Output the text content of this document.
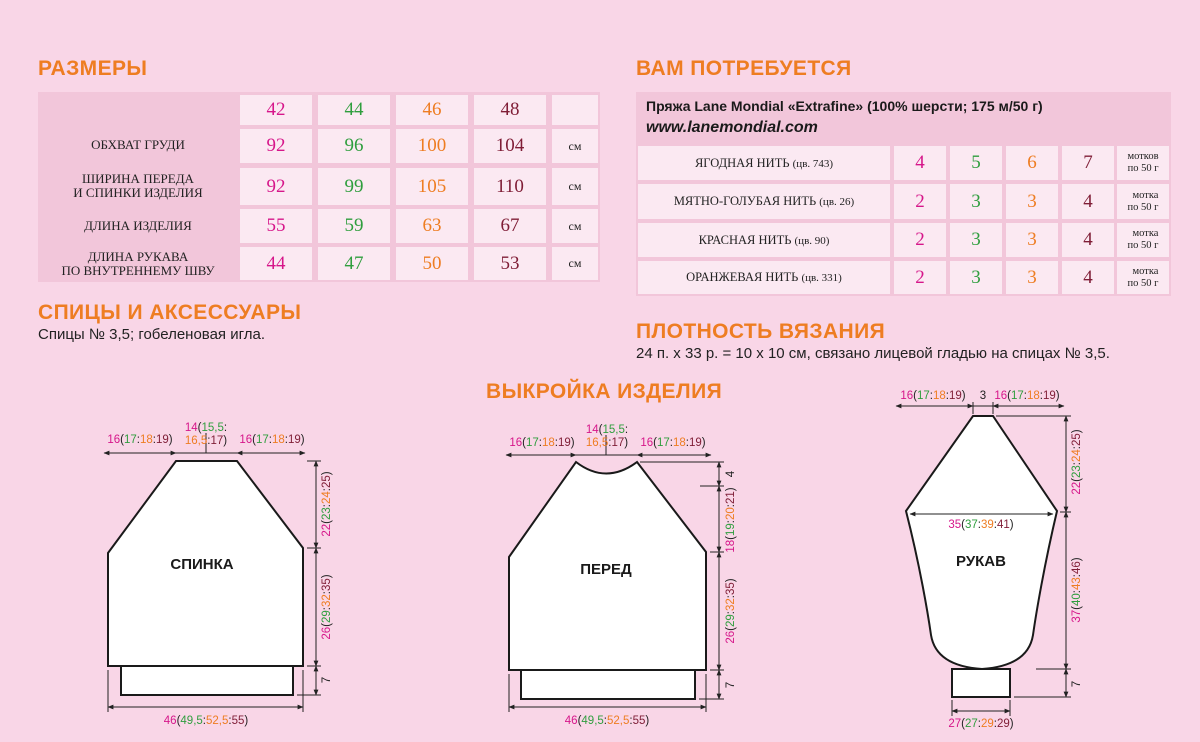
РАЗМЕРЫ
42	44	46	48
ОБХВАТ ГРУДИ	92	96	100	104	см
ШИРИНА ПЕРЕДА
И СПИНКИ ИЗДЕЛИЯ	92	99	105	110	см
ДЛИНА ИЗДЕЛИЯ	55	59	63	67	см
ДЛИНА РУКАВА
ПО ВНУТРЕННЕМУ ШВУ	44	47	50	53	см
СПИЦЫ И АКСЕССУАРЫ
Спицы № 3,5; гобеленовая игла.
ВАМ ПОТРЕБУЕТСЯ
Пряжа Lane Mondial «Extrafine» (100% шерсти; 175 м/50 г)
www.lanemondial.com
ЯГОДНАЯ НИТЬ (цв. 743)	4 5 6 7	мотков
по 50 г
МЯТНО-ГОЛУБАЯ НИТЬ (цв. 26)	2 3 3 4	мотка
по 50 г
КРАСНАЯ НИТЬ (цв. 90)	2 3 3 4	мотка
по 50 г
ОРАНЖЕВАЯ НИТЬ (цв. 331)	2 3 3 4	мотка
по 50 г
ПЛОТНОСТЬ ВЯЗАНИЯ
24 п. х 33 р. = 10 х 10 см, связано лицевой гладью на спицах № 3,5.
ВЫКРОЙКА ИЗДЕЛИЯ
СПИНКА
16(17:18:19)
14(15,5:
16,5:17) 16(17:18:19)
22(23:24:25)
26(29:32:35)
7
46(49,5:52,5:55)
ПЕРЕД
16(17:18:19)
14(15,5:
16,5:17) 16(17:18:19)
4
18(19:20:21)
26(29:32:35)
7
46(49,5:52,5:55)
РУКАВ
16(17:18:19) 3 16(17:18:19)
35(37:39:41)
22(23:24:25)
37(40:43:46)
7
27(27:29:29)
